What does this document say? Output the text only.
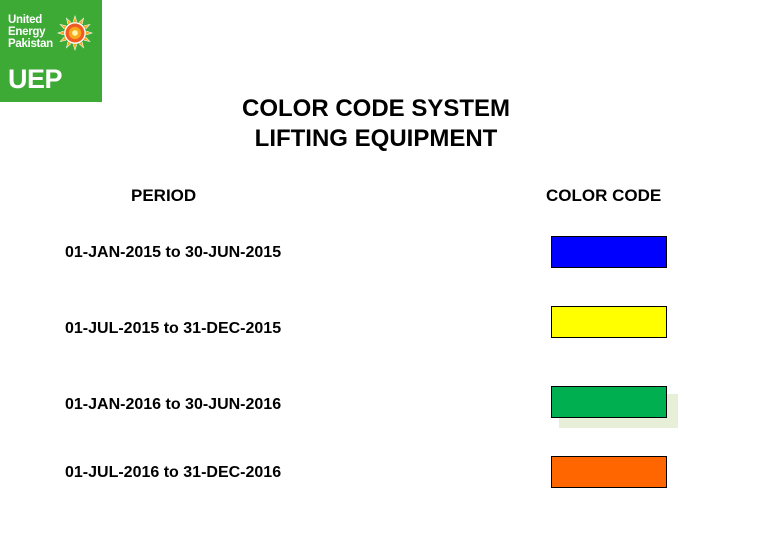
United
Energy
Pakistan
UEP
COLOR CODE SYSTEM
LIFTING EQUIPMENT
PERIOD	COLOR CODE
01-JAN-2015 to 30-JUN-2015
01-JUL-2015 to 31-DEC-2015
01-JAN-2016 to 30-JUN-2016
01-JUL-2016 to 31-DEC-2016
